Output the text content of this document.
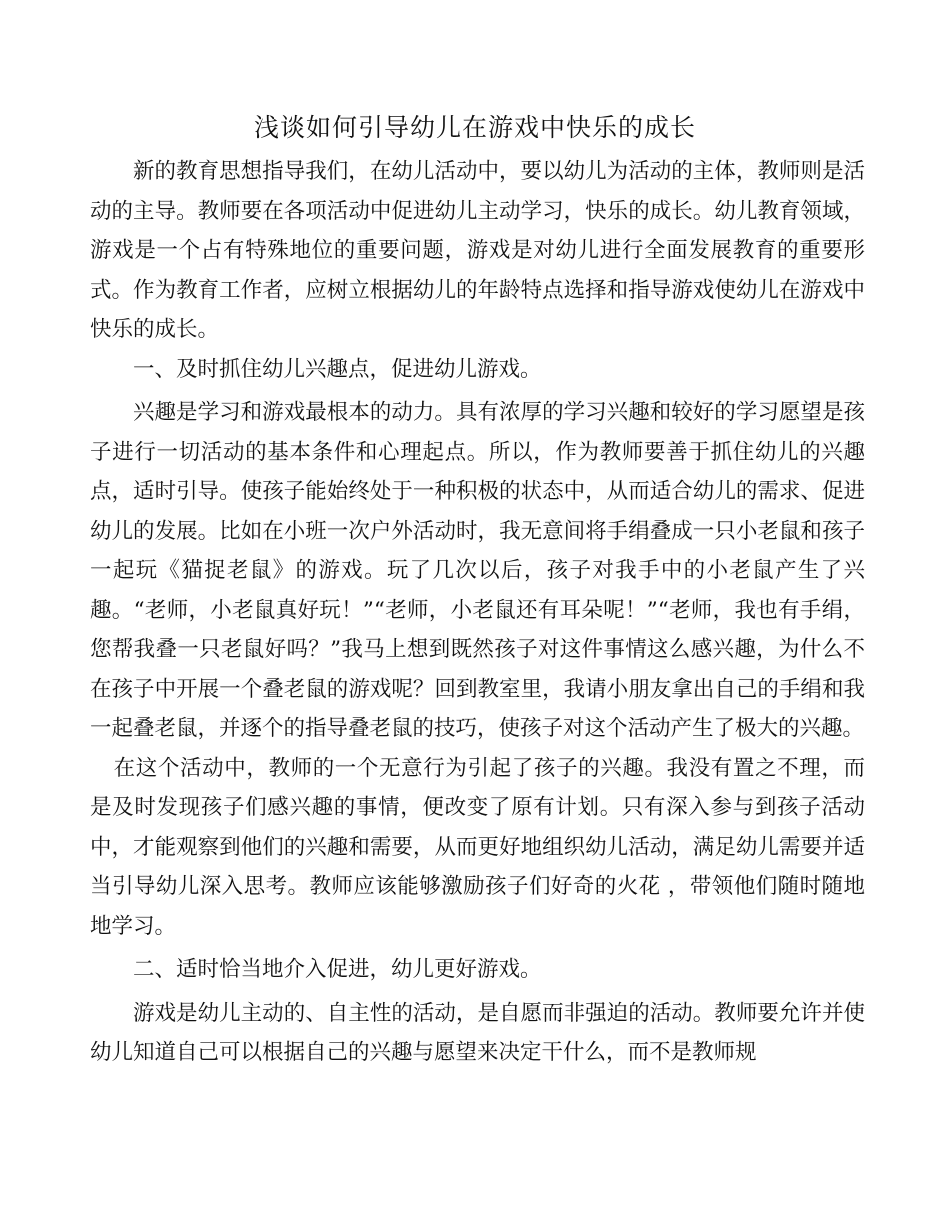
浅谈如何引导幼儿在游戏中快乐的成长

新的教育思想指导我们，在幼儿活动中，要以幼儿为活动的主体，教师则是活动的主导。教师要在各项活动中促进幼儿主动学习，快乐的成长。幼儿教育领域，游戏是一个占有特殊地位的重要问题，游戏是对幼儿进行全面发展教育的重要形式。作为教育工作者，应树立根据幼儿的年龄特点选择和指导游戏使幼儿在游戏中快乐的成长。

一、及时抓住幼儿兴趣点，促进幼儿游戏。

兴趣是学习和游戏最根本的动力。具有浓厚的学习兴趣和较好的学习愿望是孩子进行一切活动的基本条件和心理起点。所以，作为教师要善于抓住幼儿的兴趣点，适时引导。使孩子能始终处于一种积极的状态中，从而适合幼儿的需求、促进幼儿的发展。比如在小班一次户外活动时，我无意间将手绢叠成一只小老鼠和孩子一起玩《猫捉老鼠》的游戏。玩了几次以后，孩子对我手中的小老鼠产生了兴趣。“老师，小老鼠真好玩！”“老师，小老鼠还有耳朵呢！”“老师，我也有手绢，您帮我叠一只老鼠好吗？”我马上想到既然孩子对这件事情这么感兴趣，为什么不在孩子中开展一个叠老鼠的游戏呢？回到教室里，我请小朋友拿出自己的手绢和我一起叠老鼠，并逐个的指导叠老鼠的技巧，使孩子对这个活动产生了极大的兴趣。

在这个活动中，教师的一个无意行为引起了孩子的兴趣。我没有置之不理，而是及时发现孩子们感兴趣的事情，便改变了原有计划。只有深入参与到孩子活动中，才能观察到他们的兴趣和需要，从而更好地组织幼儿活动，满足幼儿需要并适当引导幼儿深入思考。教师应该能够激励孩子们好奇的火花 ，带领他们随时随地地学习。

二、适时恰当地介入促进，幼儿更好游戏。

游戏是幼儿主动的、自主性的活动，是自愿而非强迫的活动。教师要允许并使幼儿知道自己可以根据自己的兴趣与愿望来决定干什么，而不是教师规
